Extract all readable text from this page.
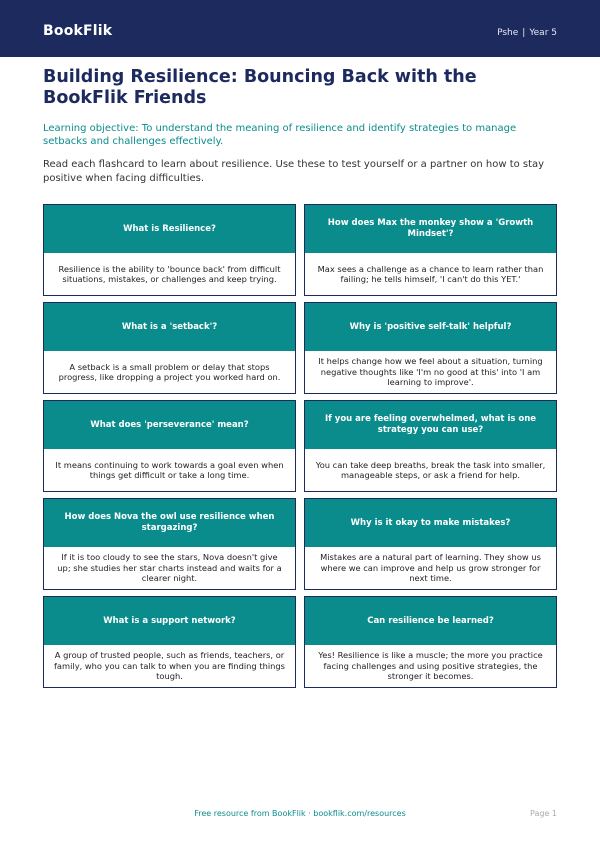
BookFlik	Pshe | Year 5
Building Resilience: Bouncing Back with the BookFlik Friends

Learning objective: To understand the meaning of resilience and identify strategies to manage setbacks and challenges effectively.

Read each flashcard to learn about resilience. Use these to test yourself or a partner on how to stay positive when facing difficulties.

What is Resilience?
Resilience is the ability to 'bounce back' from difficult situations, mistakes, or challenges and keep trying.
How does Max the monkey show a 'Growth Mindset'?
Max sees a challenge as a chance to learn rather than failing; he tells himself, 'I can't do this YET.'
What is a 'setback'?
A setback is a small problem or delay that stops progress, like dropping a project you worked hard on.
Why is 'positive self-talk' helpful?
It helps change how we feel about a situation, turning negative thoughts like 'I'm no good at this' into 'I am learning to improve'.
What does 'perseverance' mean?
It means continuing to work towards a goal even when things get difficult or take a long time.
If you are feeling overwhelmed, what is one strategy you can use?
You can take deep breaths, break the task into smaller, manageable steps, or ask a friend for help.
How does Nova the owl use resilience when stargazing?
If it is too cloudy to see the stars, Nova doesn't give up; she studies her star charts instead and waits for a clearer night.
Why is it okay to make mistakes?
Mistakes are a natural part of learning. They show us where we can improve and help us grow stronger for next time.
What is a support network?
A group of trusted people, such as friends, teachers, or family, who you can talk to when you are finding things tough.
Can resilience be learned?
Yes! Resilience is like a muscle; the more you practice facing challenges and using positive strategies, the stronger it becomes.
Free resource from BookFlik · bookflik.com/resources	Page 1
